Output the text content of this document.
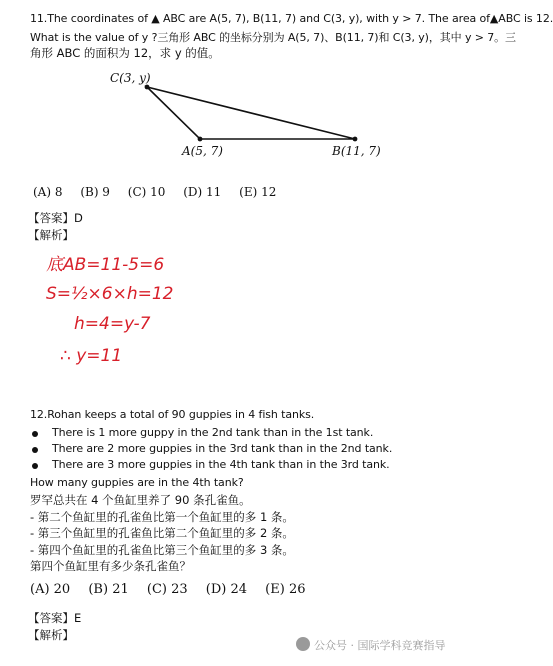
11.The coordinates of ▲ ABC are A(5, 7), B(11, 7) and C(3, y), with y > 7. The area of▲ABC is 12.
What is the value of y ?三角形 ABC 的坐标分别为 A(5, 7)、B(11, 7)和 C(3, y)，其中 y > 7。三
角形 ABC 的面积为 12，求 y 的值。
C(3, y)
A(5, 7)	B(11, 7)
(A) 8 (B) 9 (C) 10 (D) 11 (E) 12
【答案】D
【解析】
底AB=11-5=6
S=½×6×h=12
h=4=y-7
∴ y=11
12.Rohan keeps a total of 90 guppies in 4 fish tanks.
There is 1 more guppy in the 2nd tank than in the 1st tank.
There are 2 more guppies in the 3rd tank than in the 2nd tank.
There are 3 more guppies in the 4th tank than in the 3rd tank.
How many guppies are in the 4th tank?
罗罕总共在 4 个鱼缸里养了 90 条孔雀鱼。
- 第二个鱼缸里的孔雀鱼比第一个鱼缸里的多 1 条。
- 第三个鱼缸里的孔雀鱼比第二个鱼缸里的多 2 条。
- 第四个鱼缸里的孔雀鱼比第三个鱼缸里的多 3 条。
第四个鱼缸里有多少条孔雀鱼？
(A) 20 (B) 21 (C) 23 (D) 24 (E) 26
【答案】E
【解析】
公众号 · 国际学科竞赛指导
